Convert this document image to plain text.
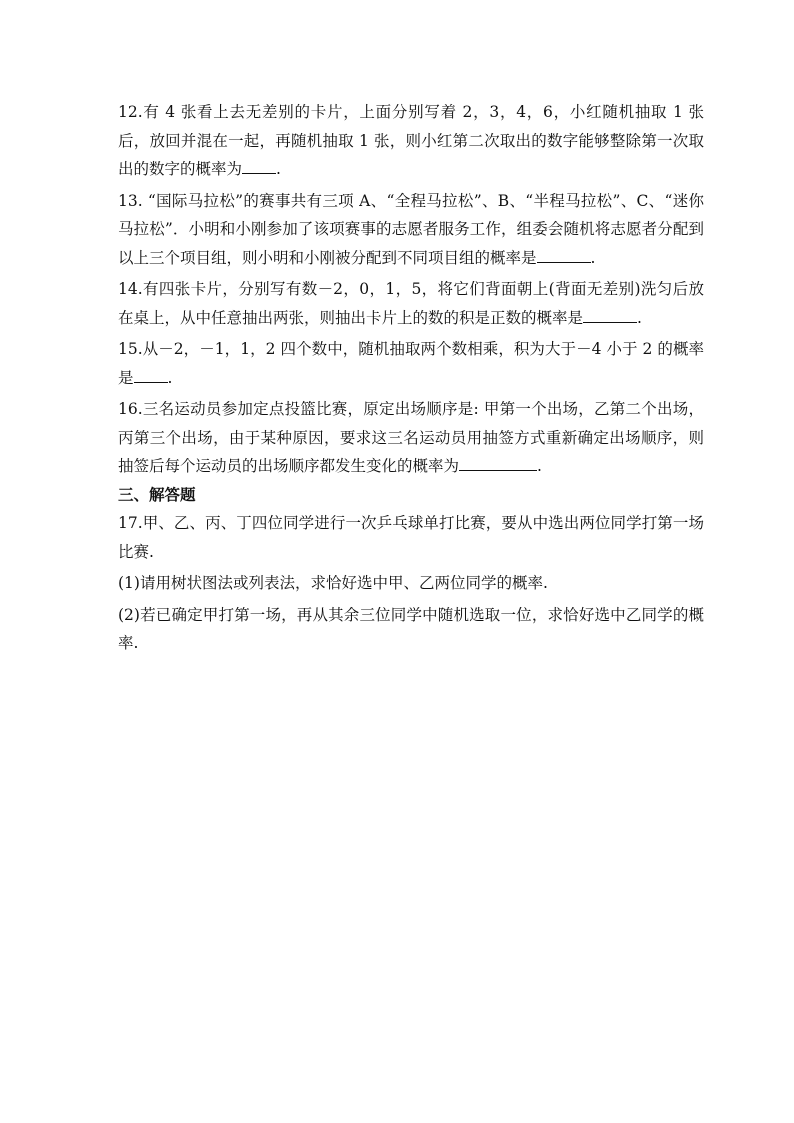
12.有 4 张看上去无差别的卡片，上面分别写着 2，3，4，6，小红随机抽取 1 张后，放回并混在一起，再随机抽取 1 张，则小红第二次取出的数字能够整除第一次取出的数字的概率为 .

13. “国际马拉松”的赛事共有三项 A、“全程马拉松”、B、“半程马拉松”、C、“迷你马拉松”．小明和小刚参加了该项赛事的志愿者服务工作，组委会随机将志愿者分配到以上三个项目组，则小明和小刚被分配到不同项目组的概率是	.

14.有四张卡片，分别写有数－2，0，1，5，将它们背面朝上(背面无差别)洗匀后放在桌上，从中任意抽出两张，则抽出卡片上的数的积是正数的概率是	.

15.从－2，－1，1，2 四个数中，随机抽取两个数相乘，积为大于－4 小于 2 的概率是 .

16.三名运动员参加定点投篮比赛，原定出场顺序是: 甲第一个出场，乙第二个出场，丙第三个出场，由于某种原因，要求这三名运动员用抽签方式重新确定出场顺序，则抽签后每个运动员的出场顺序都发生变化的概率为	.

三、解答题

17.甲、乙、丙、丁四位同学进行一次乒乓球单打比赛，要从中选出两位同学打第一场比赛.

(1)请用树状图法或列表法，求恰好选中甲、乙两位同学的概率.

(2)若已确定甲打第一场，再从其余三位同学中随机选取一位，求恰好选中乙同学的概率.
